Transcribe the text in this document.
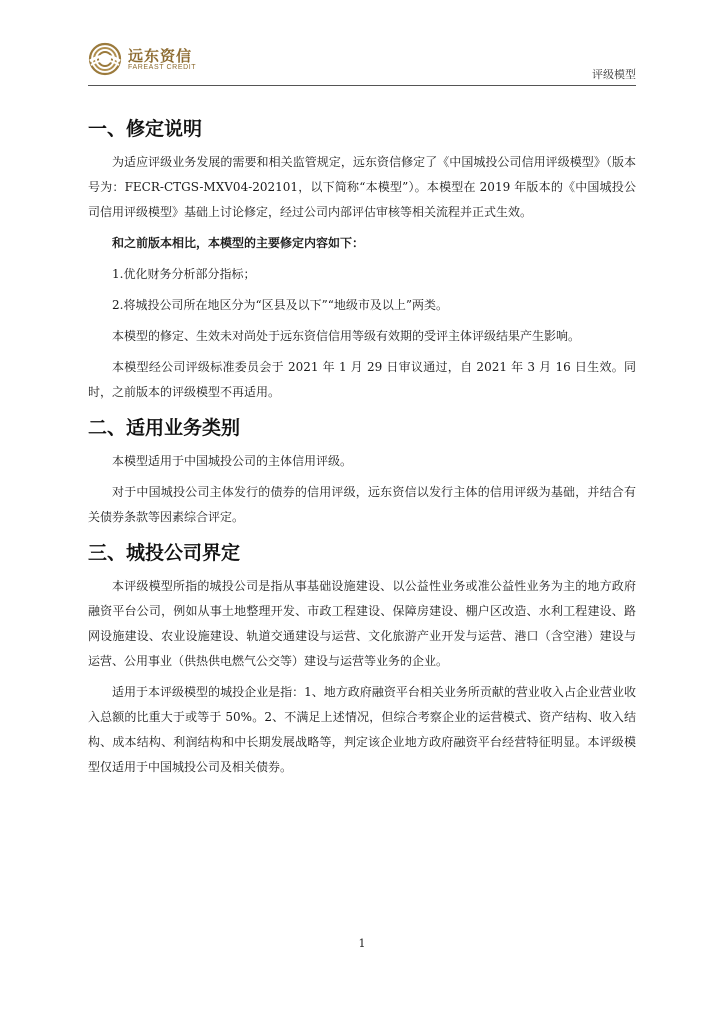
远东资信
FAREAST CREDIT
评级模型
一、修定说明

为适应评级业务发展的需要和相关监管规定，远东资信修定了《中国城投公司信用评级模型》（版本号为：FECR-CTGS-MXV04-202101，以下简称“本模型”）。本模型在 2019 年版本的《中国城投公司信用评级模型》基础上讨论修定，经过公司内部评估审核等相关流程并正式生效。

和之前版本相比，本模型的主要修定内容如下：

1.优化财务分析部分指标；

2.将城投公司所在地区分为“区县及以下”“地级市及以上”两类。

本模型的修定、生效未对尚处于远东资信信用等级有效期的受评主体评级结果产生影响。

本模型经公司评级标准委员会于 2021 年 1 月 29 日审议通过，自 2021 年 3 月 16 日生效。同时，之前版本的评级模型不再适用。

二、适用业务类别

本模型适用于中国城投公司的主体信用评级。

对于中国城投公司主体发行的债券的信用评级，远东资信以发行主体的信用评级为基础，并结合有关债券条款等因素综合评定。

三、城投公司界定

本评级模型所指的城投公司是指从事基础设施建设、以公益性业务或准公益性业务为主的地方政府融资平台公司，例如从事土地整理开发、市政工程建设、保障房建设、棚户区改造、水利工程建设、路网设施建设、农业设施建设、轨道交通建设与运营、文化旅游产业开发与运营、港口（含空港）建设与运营、公用事业（供热供电燃气公交等）建设与运营等业务的企业。

适用于本评级模型的城投企业是指：1、地方政府融资平台相关业务所贡献的营业收入占企业营业收入总额的比重大于或等于 50%。2、不满足上述情况，但综合考察企业的运营模式、资产结构、收入结构、成本结构、利润结构和中长期发展战略等，判定该企业地方政府融资平台经营特征明显。本评级模型仅适用于中国城投公司及相关债券。

1
